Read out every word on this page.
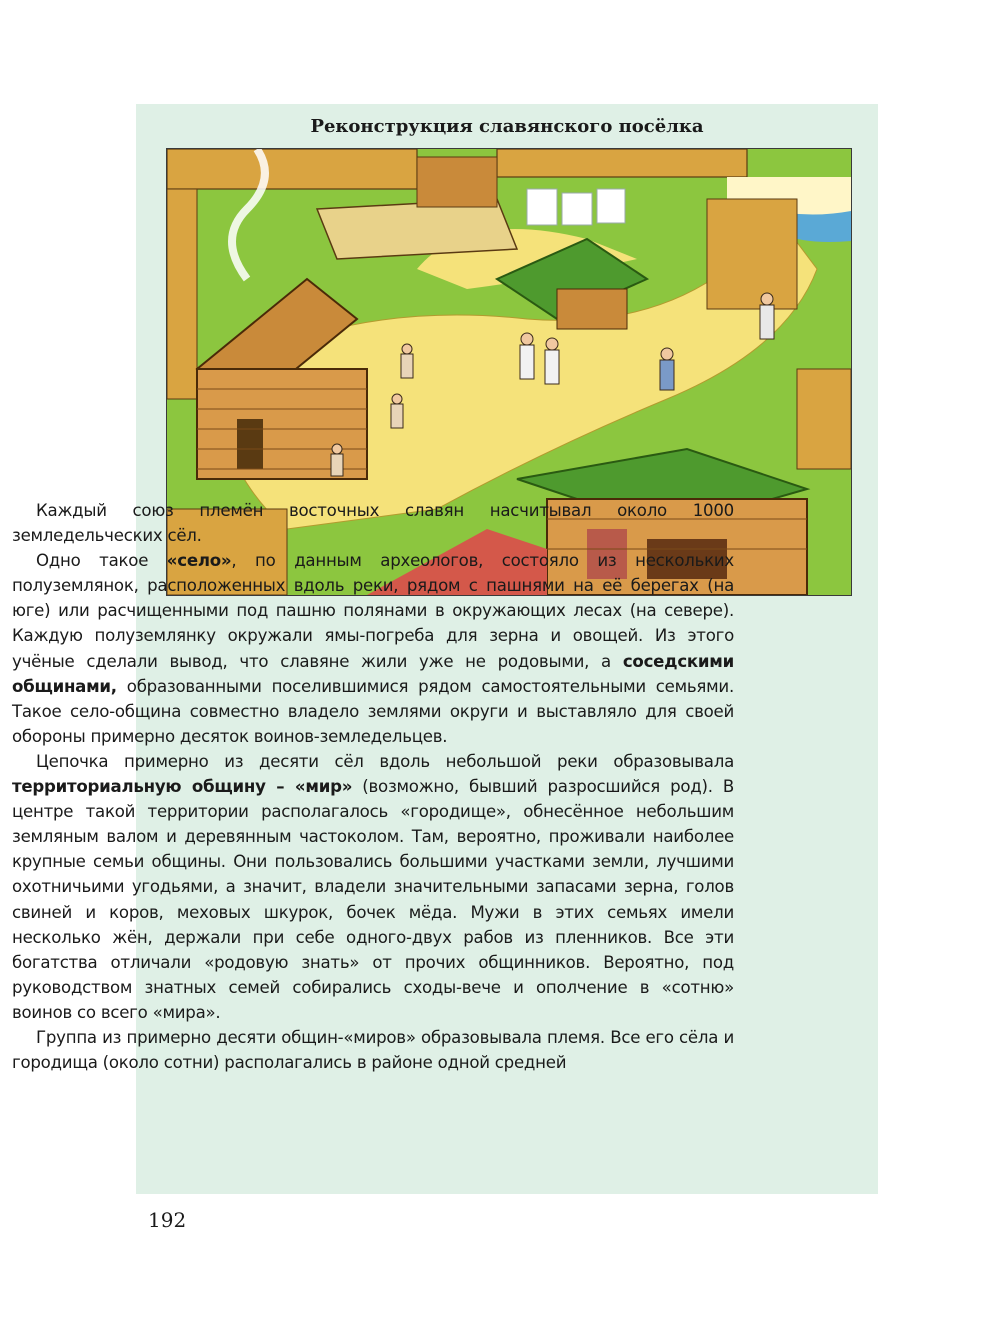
Реконструкция славянского посёлка

Каждый союз племён восточных славян насчитывал около 1000 земледельческих сёл.

Одно такое «село», по данным археологов, состояло из нескольких полуземлянок, расположенных вдоль реки, рядом с пашнями на её берегах (на юге) или расчищенными под пашню полянами в окружающих лесах (на севере). Каждую полуземлянку окружали ямы-погреба для зерна и овощей. Из этого учёные сделали вывод, что славяне жили уже не родовыми, а соседскими общинами, образованными поселившимися рядом самостоятельными семьями. Такое село-община совместно владело землями округи и выставляло для своей обороны примерно десяток воинов-земледельцев.

Цепочка примерно из десяти сёл вдоль небольшой реки образовывала территориальную общину – «мир» (возможно, бывший разросшийся род). В центре такой территории располагалось «городище», обнесённое небольшим земляным валом и деревянным частоколом. Там, вероятно, проживали наиболее крупные семьи общины. Они пользовались большими участками земли, лучшими охотничьими угодьями, а значит, владели значительными запасами зерна, голов свиней и коров, меховых шкурок, бочек мёда. Мужи в этих семьях имели несколько жён, держали при себе одного-двух рабов из пленников. Все эти богатства отличали «родовую знать» от прочих общинников. Вероятно, под руководством знатных семей собирались сходы-вече и ополчение в «сотню» воинов со всего «мира».

Группа из примерно десяти общин-«миров» образовывала племя. Все его сёла и городища (около сотни) располагались в районе одной средней

192
